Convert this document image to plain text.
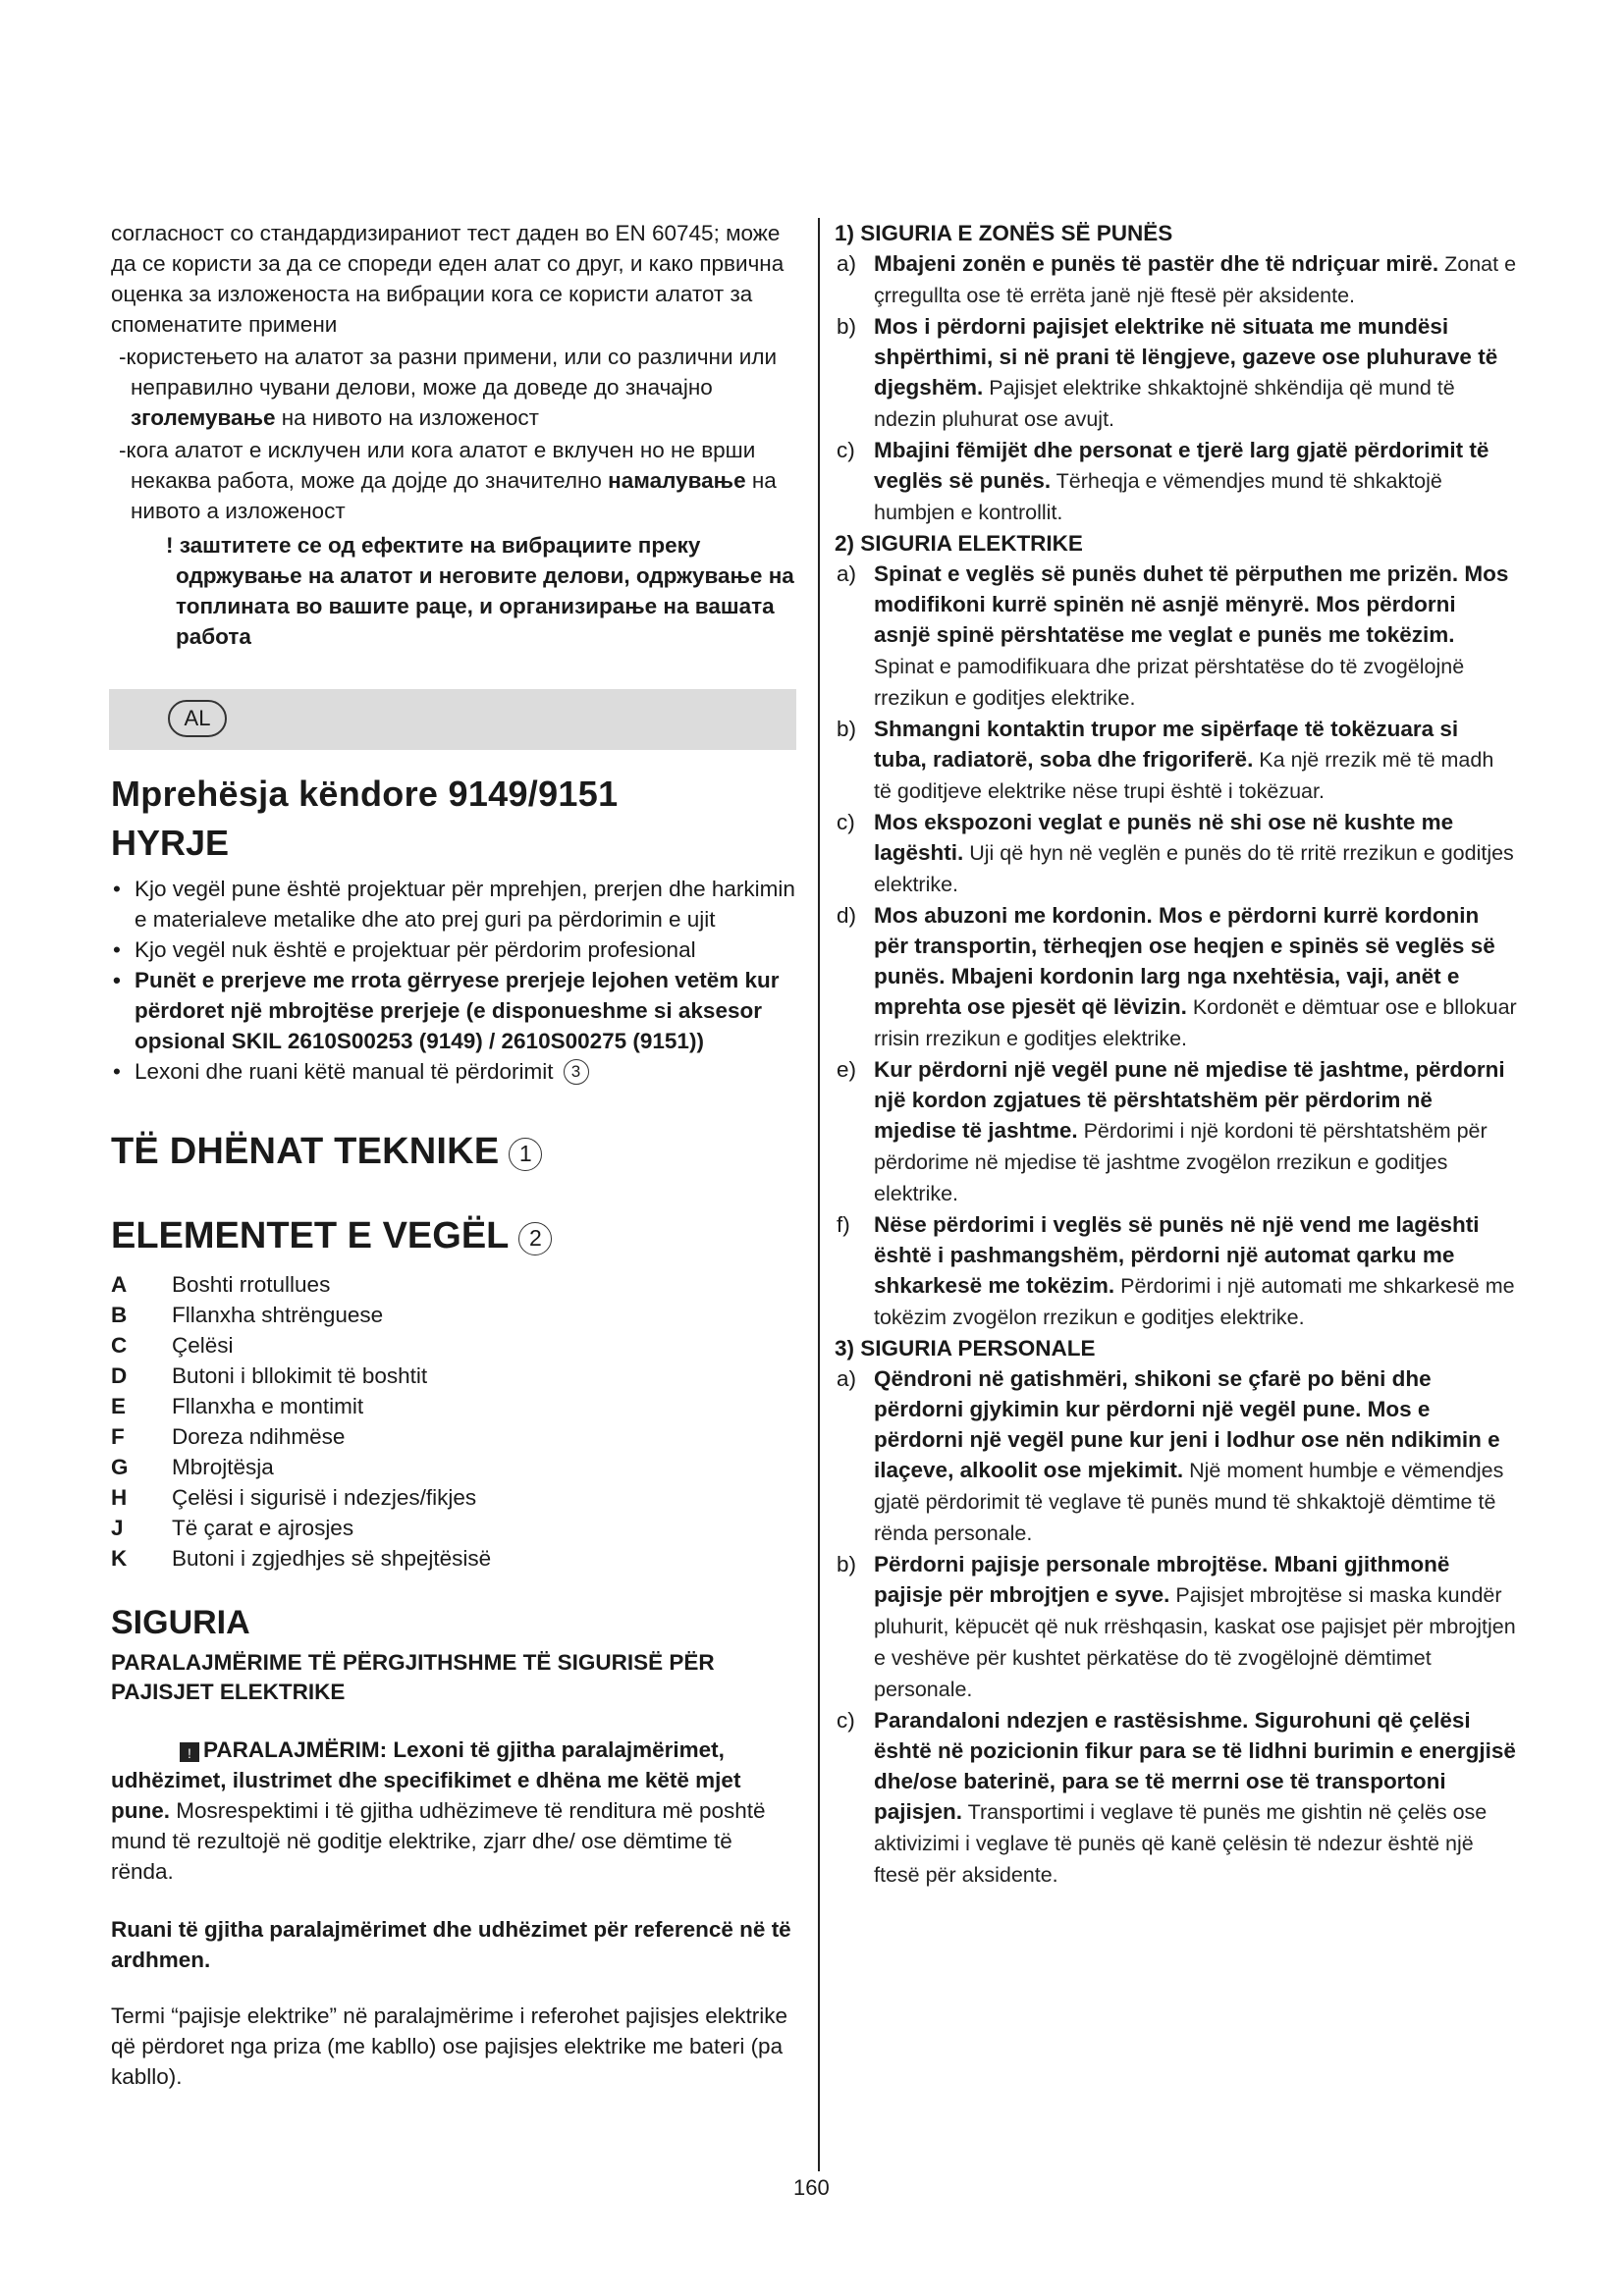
согласност со стандардизираниот тест даден во EN 60745; може да се користи за да се спореди еден алат со друг, и како првична оценка за изложеноста на вибрации кога се користи алатот за споменатите примени

-користењето на алатот за разни примени, или со различни или неправилно чувани делови, може да доведе до значајно зголемување на нивото на изложеност

-кога алатот е исклучен или кога алатот е вклучен но не врши некаква работа, може да дојде до значително намалување на нивото а изложеност

! заштитете се од ефектите на вибрациите преку одржување на алатот и неговите делови, одржување на топлината во вашите раце, и организирање на вашата работа

AL
Mprehësja këndore 9149/9151
HYRJE
• Kjo vegël pune është projektuar për mprehjen, prerjen dhe harkimin e materialeve metalike dhe ato prej guri pa përdorimin e ujit
• Kjo vegël nuk është e projektuar për përdorim profesional
• Punët e prerjeve me rrota gërryese prerjeje lejohen vetëm kur përdoret një mbrojtëse prerjeje (e disponueshme si aksesor opsional SKIL 2610S00253 (9149) / 2610S00275 (9151))
• Lexoni dhe ruani këtë manual të përdorimit 3
TË DHËNAT TEKNIKE 1
ELEMENTET E VEGËL 2
A	Boshti rrotullues
B	Fllanxha shtrënguese
C	Çelësi
D	Butoni i bllokimit të boshtit
E	Fllanxha e montimit
F	Doreza ndihmëse
G	Mbrojtësja
H	Çelësi i sigurisë i ndezjes/fikjes
J	Të çarat e ajrosjes
K	Butoni i zgjedhjes së shpejtësisë
SIGURIA
PARALAJMËRIME TË PËRGJITHSHME TË SIGURISË PËR PAJISJET ELEKTRIKE

! PARALAJMËRIM: Lexoni të gjitha paralajmërimet, udhëzimet, ilustrimet dhe specifikimet e dhëna me këtë mjet pune. Mosrespektimi i të gjitha udhëzimeve të renditura më poshtë mund të rezultojë në goditje elektrike, zjarr dhe/ ose dëmtime të rënda.

Ruani të gjitha paralajmërimet dhe udhëzimet për referencë në të ardhmen.

Termi “pajisje elektrike” në paralajmërime i referohet pajisjes elektrike që përdoret nga priza (me kabllo) ose pajisjes elektrike me bateri (pa kabllo).

1) SIGURIA E ZONËS SË PUNËS
a) Mbajeni zonën e punës të pastër dhe të ndriçuar mirë. Zonat e çrregullta ose të errëta janë një ftesë për aksidente.
b) Mos i përdorni pajisjet elektrike në situata me mundësi shpërthimi, si në prani të lëngjeve, gazeve ose pluhurave të djegshëm. Pajisjet elektrike shkaktojnë shkëndija që mund të ndezin pluhurat ose avujt.
c) Mbajini fëmijët dhe personat e tjerë larg gjatë përdorimit të veglës së punës. Tërheqja e vëmendjes mund të shkaktojë humbjen e kontrollit.
2) SIGURIA ELEKTRIKE
a) Spinat e veglës së punës duhet të përputhen me prizën. Mos modifikoni kurrë spinën në asnjë mënyrë. Mos përdorni asnjë spinë përshtatëse me veglat e punës me tokëzim. Spinat e pamodifikuara dhe prizat përshtatëse do të zvogëlojnë rrezikun e goditjes elektrike.
b) Shmangni kontaktin trupor me sipërfaqe të tokëzuara si tuba, radiatorë, soba dhe frigoriferë. Ka një rrezik më të madh të goditjeve elektrike nëse trupi është i tokëzuar.
c) Mos ekspozoni veglat e punës në shi ose në kushte me lagështi. Uji që hyn në veglën e punës do të rritë rrezikun e goditjes elektrike.
d) Mos abuzoni me kordonin. Mos e përdorni kurrë kordonin për transportin, tërheqjen ose heqjen e spinës së veglës së punës. Mbajeni kordonin larg nga nxehtësia, vaji, anët e mprehta ose pjesët që lëvizin. Kordonët e dëmtuar ose e bllokuar rrisin rrezikun e goditjes elektrike.
e) Kur përdorni një vegël pune në mjedise të jashtme, përdorni një kordon zgjatues të përshtatshëm për përdorim në mjedise të jashtme. Përdorimi i një kordoni të përshtatshëm për përdorime në mjedise të jashtme zvogëlon rrezikun e goditjes elektrike.
f) Nëse përdorimi i veglës së punës në një vend me lagështi është i pashmangshëm, përdorni një automat qarku me shkarkesë me tokëzim. Përdorimi i një automati me shkarkesë me tokëzim zvogëlon rrezikun e goditjes elektrike.
3) SIGURIA PERSONALE
a) Qëndroni në gatishmëri, shikoni se çfarë po bëni dhe përdorni gjykimin kur përdorni një vegël pune. Mos e përdorni një vegël pune kur jeni i lodhur ose nën ndikimin e ilaçeve, alkoolit ose mjekimit. Një moment humbje e vëmendjes gjatë përdorimit të veglave të punës mund të shkaktojë dëmtime të rënda personale.
b) Përdorni pajisje personale mbrojtëse. Mbani gjithmonë pajisje për mbrojtjen e syve. Pajisjet mbrojtëse si maska kundër pluhurit, këpucët që nuk rrëshqasin, kaskat ose pajisjet për mbrojtjen e veshëve për kushtet përkatëse do të zvogëlojnë dëmtimet personale.
c) Parandaloni ndezjen e rastësishme. Sigurohuni që çelësi është në pozicionin fikur para se të lidhni burimin e energjisë dhe/ose baterinë, para se të merrni ose të transportoni pajisjen. Transportimi i veglave të punës me gishtin në çelës ose aktivizimi i veglave të punës që kanë çelësin të ndezur është një ftesë për aksidente.
160
